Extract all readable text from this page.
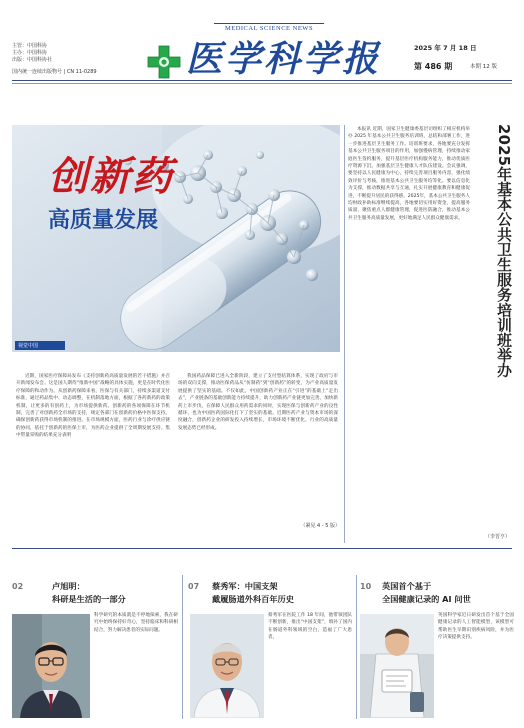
主管：中国科协
主办：中国科协
出版：中国科协社
国内统一连续出版物号 | CN 11-0289
MEDICAL SCIENCE NEWS
医学科学报	2025 年 7 月 18 日
第 486 期	本期 12 版
创新药
高质量发展
视觉中国
近期，国家医疗保障局发布《支持创新药高质量发展的若干措施》并召开新闻发布会。这是国人期待“推新中国”战略的具体实施，更是在时代化医疗保障的和动作为。从创新药保障来看，医保与有关部门，持续多渠道支付标准，通过药品集中、动态调整，在机制落地方面，根据了各药新药的政策机制，让更多的有创药上，为市场提供新药。创新药的各项保障在环节机制，完善了对创新药全市场的支持，规定各部门在创新药价格中医保支持，确保创新药获得市场机制的推进。在市场规模方面，医药行业与诊疗供应链的协同，依托于创新药的医保上市，为医药企业提供了全周期发展支持。集中带量采购的结果充分表明
我国药品保障已进入全新阶段，建立了支付型结算体系，实现了政府与市场的双向支撑，推动医保药品从“仿制药”到“创新药”的转变，为产业高质量发展提供了坚实的基础。不仅如此，中国创新药产业正在“引进”的基础上“走出去”，产业链条的基础创新能力持续提升，助力创新药产业链更加完善，加快新药上市步伐，在保障人民群众用药需求的同时，实现医保与创新药产业的良性循环，也为中国医药国际化打下了坚实的基础。近期医药产业与资本市场的深度融合，创新药企业的研发投入持续增长，市场环境不断优化，行业的高质量发展态势已经形成。
（紧见 4 - 5 版）
本报讯 近期，国家卫生健康委基层司组织了相应机构举办 2025 年基本公共卫生服务培训班，总结和部署工作，进一步推进基层卫生服务工作。培训班要求，各地要充分发挥基本公共卫生服务项目的作用，加强慢病管理，持续推动家庭医生签约服务，提升基层医疗机构服务能力，推动优质医疗资源下沉，加强基层卫生健康人才队伍建设。会议强调，要坚持以人民健康为中心，持续完善项目服务内容，强化绩效评价与考核，推进基本公共卫生服务均等化。要以信息化为支撑，推动数据共享与互通，扎实开展健康教育和健康促进，不断提升居民的获得感。2025年，基本公共卫生服务人均财政补助标准继续提高，各地要切实用好资金，提高服务质量，聚焦重点人群健康管理，促进医防融合，推动基本公共卫生服务高质量发展，更好地满足人民群众健康需求。
（李晋亨）
2025年基本公共卫生服务培训班举办
02	卢旭明：
科研是生活的一部分
科学研究的本质就是不停地探索，我在研究中始终保持好奇心，坚持临床和科研相结合，努力解决患者的实际问题。
07	蔡秀军：中国支架
戴履肠道外科百年历史
蔡秀军在医院工作 18 年间，他带领团队不断创新，推出“中国支架”，填补了国内在肠道外科领域的空白，造福了广大患者。
10	英国首个基于
全国健康记录的 AI 问世
英国科学家近日研发出首个基于全国健康记录的人工智能模型，该模型可帮助医生早期识别疾病风险，并为医疗决策提供支持。
